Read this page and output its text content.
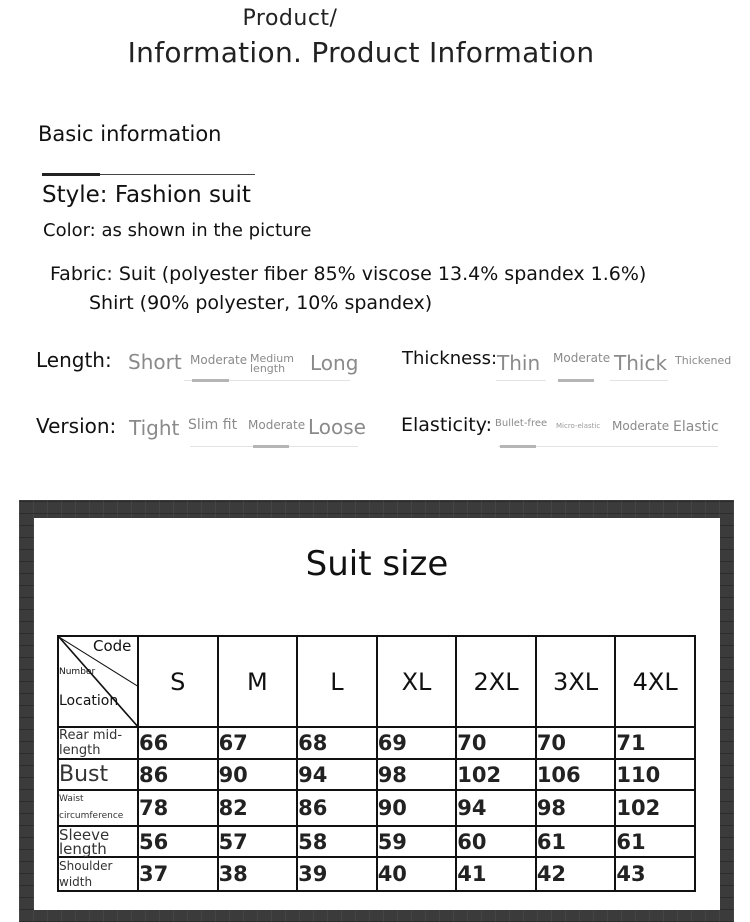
Product/
Information. Product Information
Basic information
Style: Fashion suit
Color: as shown in the picture
Fabric: Suit (polyester fiber 85% viscose 13.4% spandex 1.6%)
Shirt (90% polyester, 10% spandex)
Length: Short Moderate Medium length	Long Thickness: Thin Moderate Thick Thickened
Version: Tight Slim fit Moderate Loose Elasticity: Bullet-free Micro-elastic Moderate Elastic
Suit size
Code
Number
Location	S	M	L	XL	2XL	3XL	4XL
Rear mid-length	66	67	68	69	70	70	71
Bust	86	90	94	98	102	106	110
Waist circumference	78	82	86	90	94	98	102
Sleeve length	56	57	58	59	60	61	61
Shoulder width	37	38	39	40	41	42	43
